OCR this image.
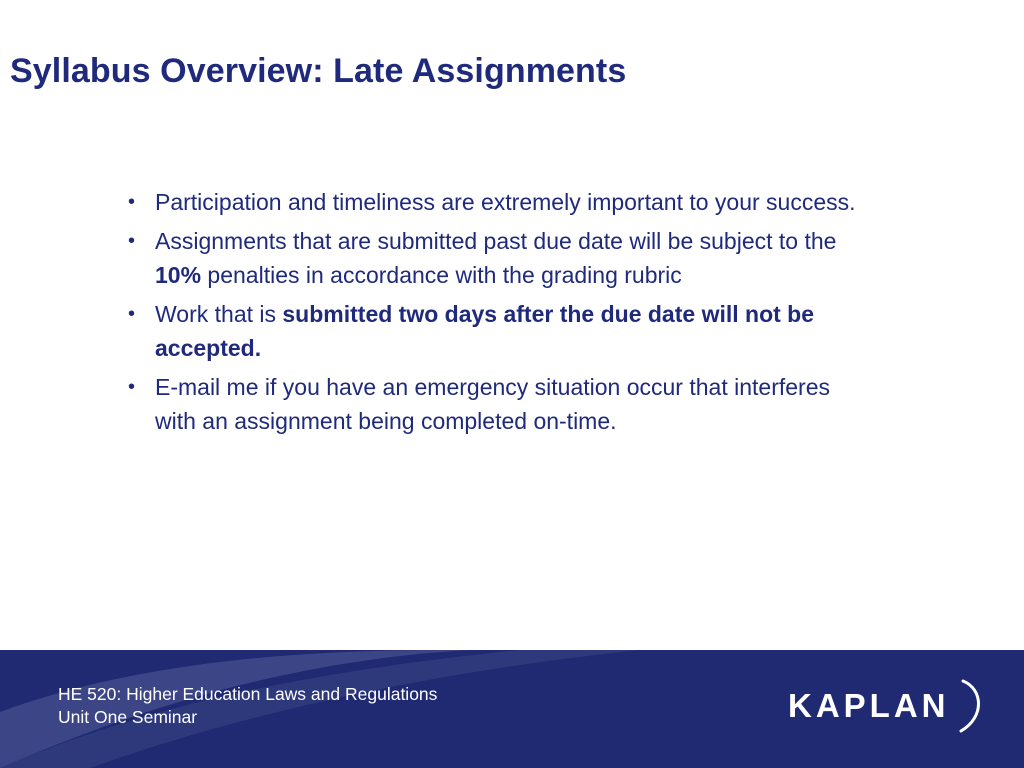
Syllabus Overview: Late Assignments
• Participation and timeliness are extremely important to your success.
• Assignments that are submitted past due date will be subject to the 10% penalties in accordance with the grading rubric
• Work that is submitted two days after the due date will not be accepted.
• E-mail me if you have an emergency situation occur that interferes with an assignment being completed on-time.
HE 520: Higher Education Laws and Regulations
Unit One Seminar	KAPLAN
